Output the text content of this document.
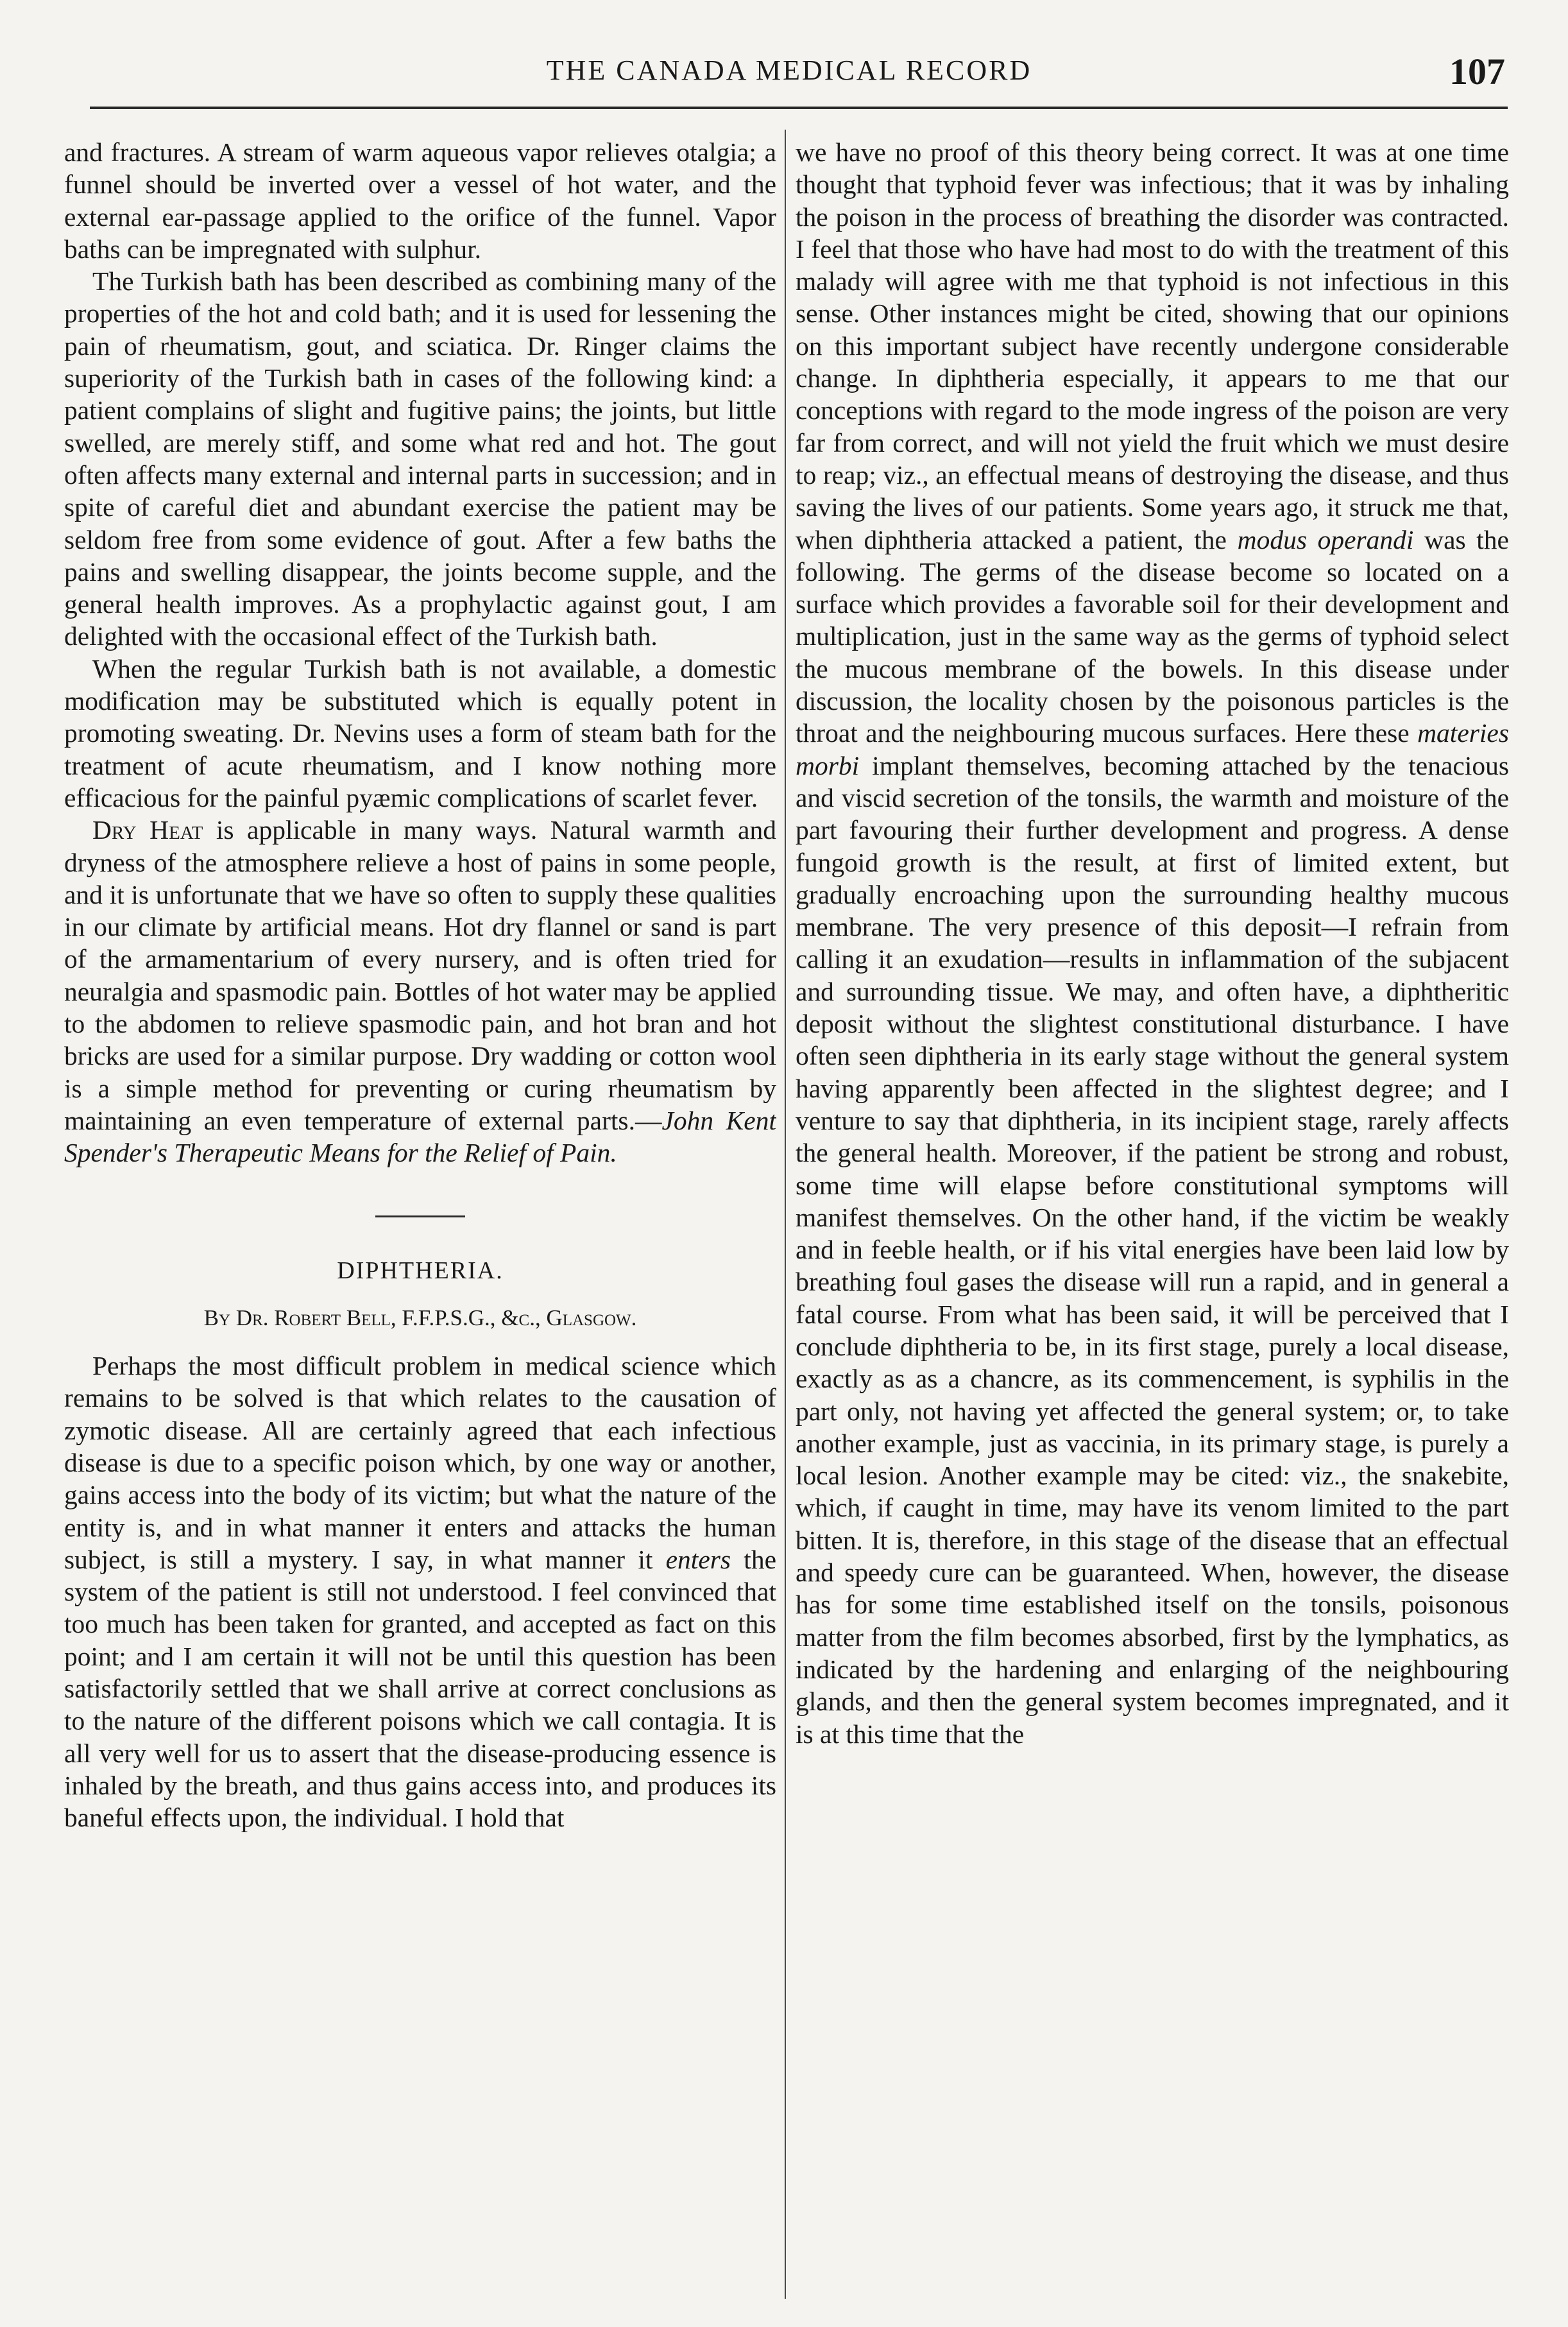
THE CANADA MEDICAL RECORD	107

and fractures. A stream of warm aqueous vapor relieves otalgia; a funnel should be inverted over a vessel of hot water, and the external ear-passage applied to the orifice of the funnel. Vapor baths can be impregnated with sulphur.

The Turkish bath has been described as combining many of the properties of the hot and cold bath; and it is used for lessening the pain of rheumatism, gout, and sciatica. Dr. Ringer claims the superiority of the Turkish bath in cases of the following kind: a patient complains of slight and fugitive pains; the joints, but little swelled, are merely stiff, and some what red and hot. The gout often affects many external and internal parts in succession; and in spite of careful diet and abundant exercise the patient may be seldom free from some evidence of gout. After a few baths the pains and swelling disappear, the joints become supple, and the general health improves. As a prophylactic against gout, I am delighted with the occasional effect of the Turkish bath.

When the regular Turkish bath is not available, a domestic modification may be substituted which is equally potent in promoting sweating. Dr. Nevins uses a form of steam bath for the treatment of acute rheumatism, and I know nothing more efficacious for the painful pyæmic complications of scarlet fever.

Dry Heat is applicable in many ways. Natural warmth and dryness of the atmosphere relieve a host of pains in some people, and it is unfortunate that we have so often to supply these qualities in our climate by artificial means. Hot dry flannel or sand is part of the armamentarium of every nursery, and is often tried for neuralgia and spasmodic pain. Bottles of hot water may be applied to the abdomen to relieve spasmodic pain, and hot bran and hot bricks are used for a similar purpose. Dry wadding or cotton wool is a simple method for preventing or curing rheumatism by maintaining an even temperature of external parts.—John Kent Spender's Therapeutic Means for the Relief of Pain.

DIPHTHERIA.
By Dr. Robert Bell, F.F.P.S.G., &c., Glasgow.

Perhaps the most difficult problem in medical science which remains to be solved is that which relates to the causation of zymotic disease. All are certainly agreed that each infectious disease is due to a specific poison which, by one way or another, gains access into the body of its victim; but what the nature of the entity is, and in what manner it enters and attacks the human subject, is still a mystery. I say, in what manner it enters the system of the patient is still not understood. I feel convinced that too much has been taken for granted, and accepted as fact on this point; and I am certain it will not be until this question has been satisfactorily settled that we shall arrive at correct conclusions as to the nature of the different poisons which we call contagia. It is all very well for us to assert that the disease-producing essence is inhaled by the breath, and thus gains access into, and produces its baneful effects upon, the individual. I hold that

we have no proof of this theory being correct. It was at one time thought that typhoid fever was infectious; that it was by inhaling the poison in the process of breathing the disorder was contracted. I feel that those who have had most to do with the treatment of this malady will agree with me that typhoid is not infectious in this sense. Other instances might be cited, showing that our opinions on this important subject have recently undergone considerable change. In diphtheria especially, it appears to me that our conceptions with regard to the mode ingress of the poison are very far from correct, and will not yield the fruit which we must desire to reap; viz., an effectual means of destroying the disease, and thus saving the lives of our patients. Some years ago, it struck me that, when diphtheria attacked a patient, the modus operandi was the following. The germs of the disease become so located on a surface which provides a favorable soil for their development and multiplication, just in the same way as the germs of typhoid select the mucous membrane of the bowels. In this disease under discussion, the locality chosen by the poisonous particles is the throat and the neighbouring mucous surfaces. Here these materies morbi implant themselves, becoming attached by the tenacious and viscid secretion of the tonsils, the warmth and moisture of the part favouring their further development and progress. A dense fungoid growth is the result, at first of limited extent, but gradually encroaching upon the surrounding healthy mucous membrane. The very presence of this deposit—I refrain from calling it an exudation—results in inflammation of the subjacent and surrounding tissue. We may, and often have, a diphtheritic deposit without the slightest constitutional disturbance. I have often seen diphtheria in its early stage without the general system having apparently been affected in the slightest degree; and I venture to say that diphtheria, in its incipient stage, rarely affects the general health. Moreover, if the patient be strong and robust, some time will elapse before constitutional symptoms will manifest themselves. On the other hand, if the victim be weakly and in feeble health, or if his vital energies have been laid low by breathing foul gases the disease will run a rapid, and in general a fatal course. From what has been said, it will be perceived that I conclude diphtheria to be, in its first stage, purely a local disease, exactly as as a chancre, as its commencement, is syphilis in the part only, not having yet affected the general system; or, to take another example, just as vaccinia, in its primary stage, is purely a local lesion. Another example may be cited: viz., the snakebite, which, if caught in time, may have its venom limited to the part bitten. It is, therefore, in this stage of the disease that an effectual and speedy cure can be guaranteed. When, however, the disease has for some time established itself on the tonsils, poisonous matter from the film becomes absorbed, first by the lymphatics, as indicated by the hardening and enlarging of the neighbouring glands, and then the general system becomes impregnated, and it is at this time that the
